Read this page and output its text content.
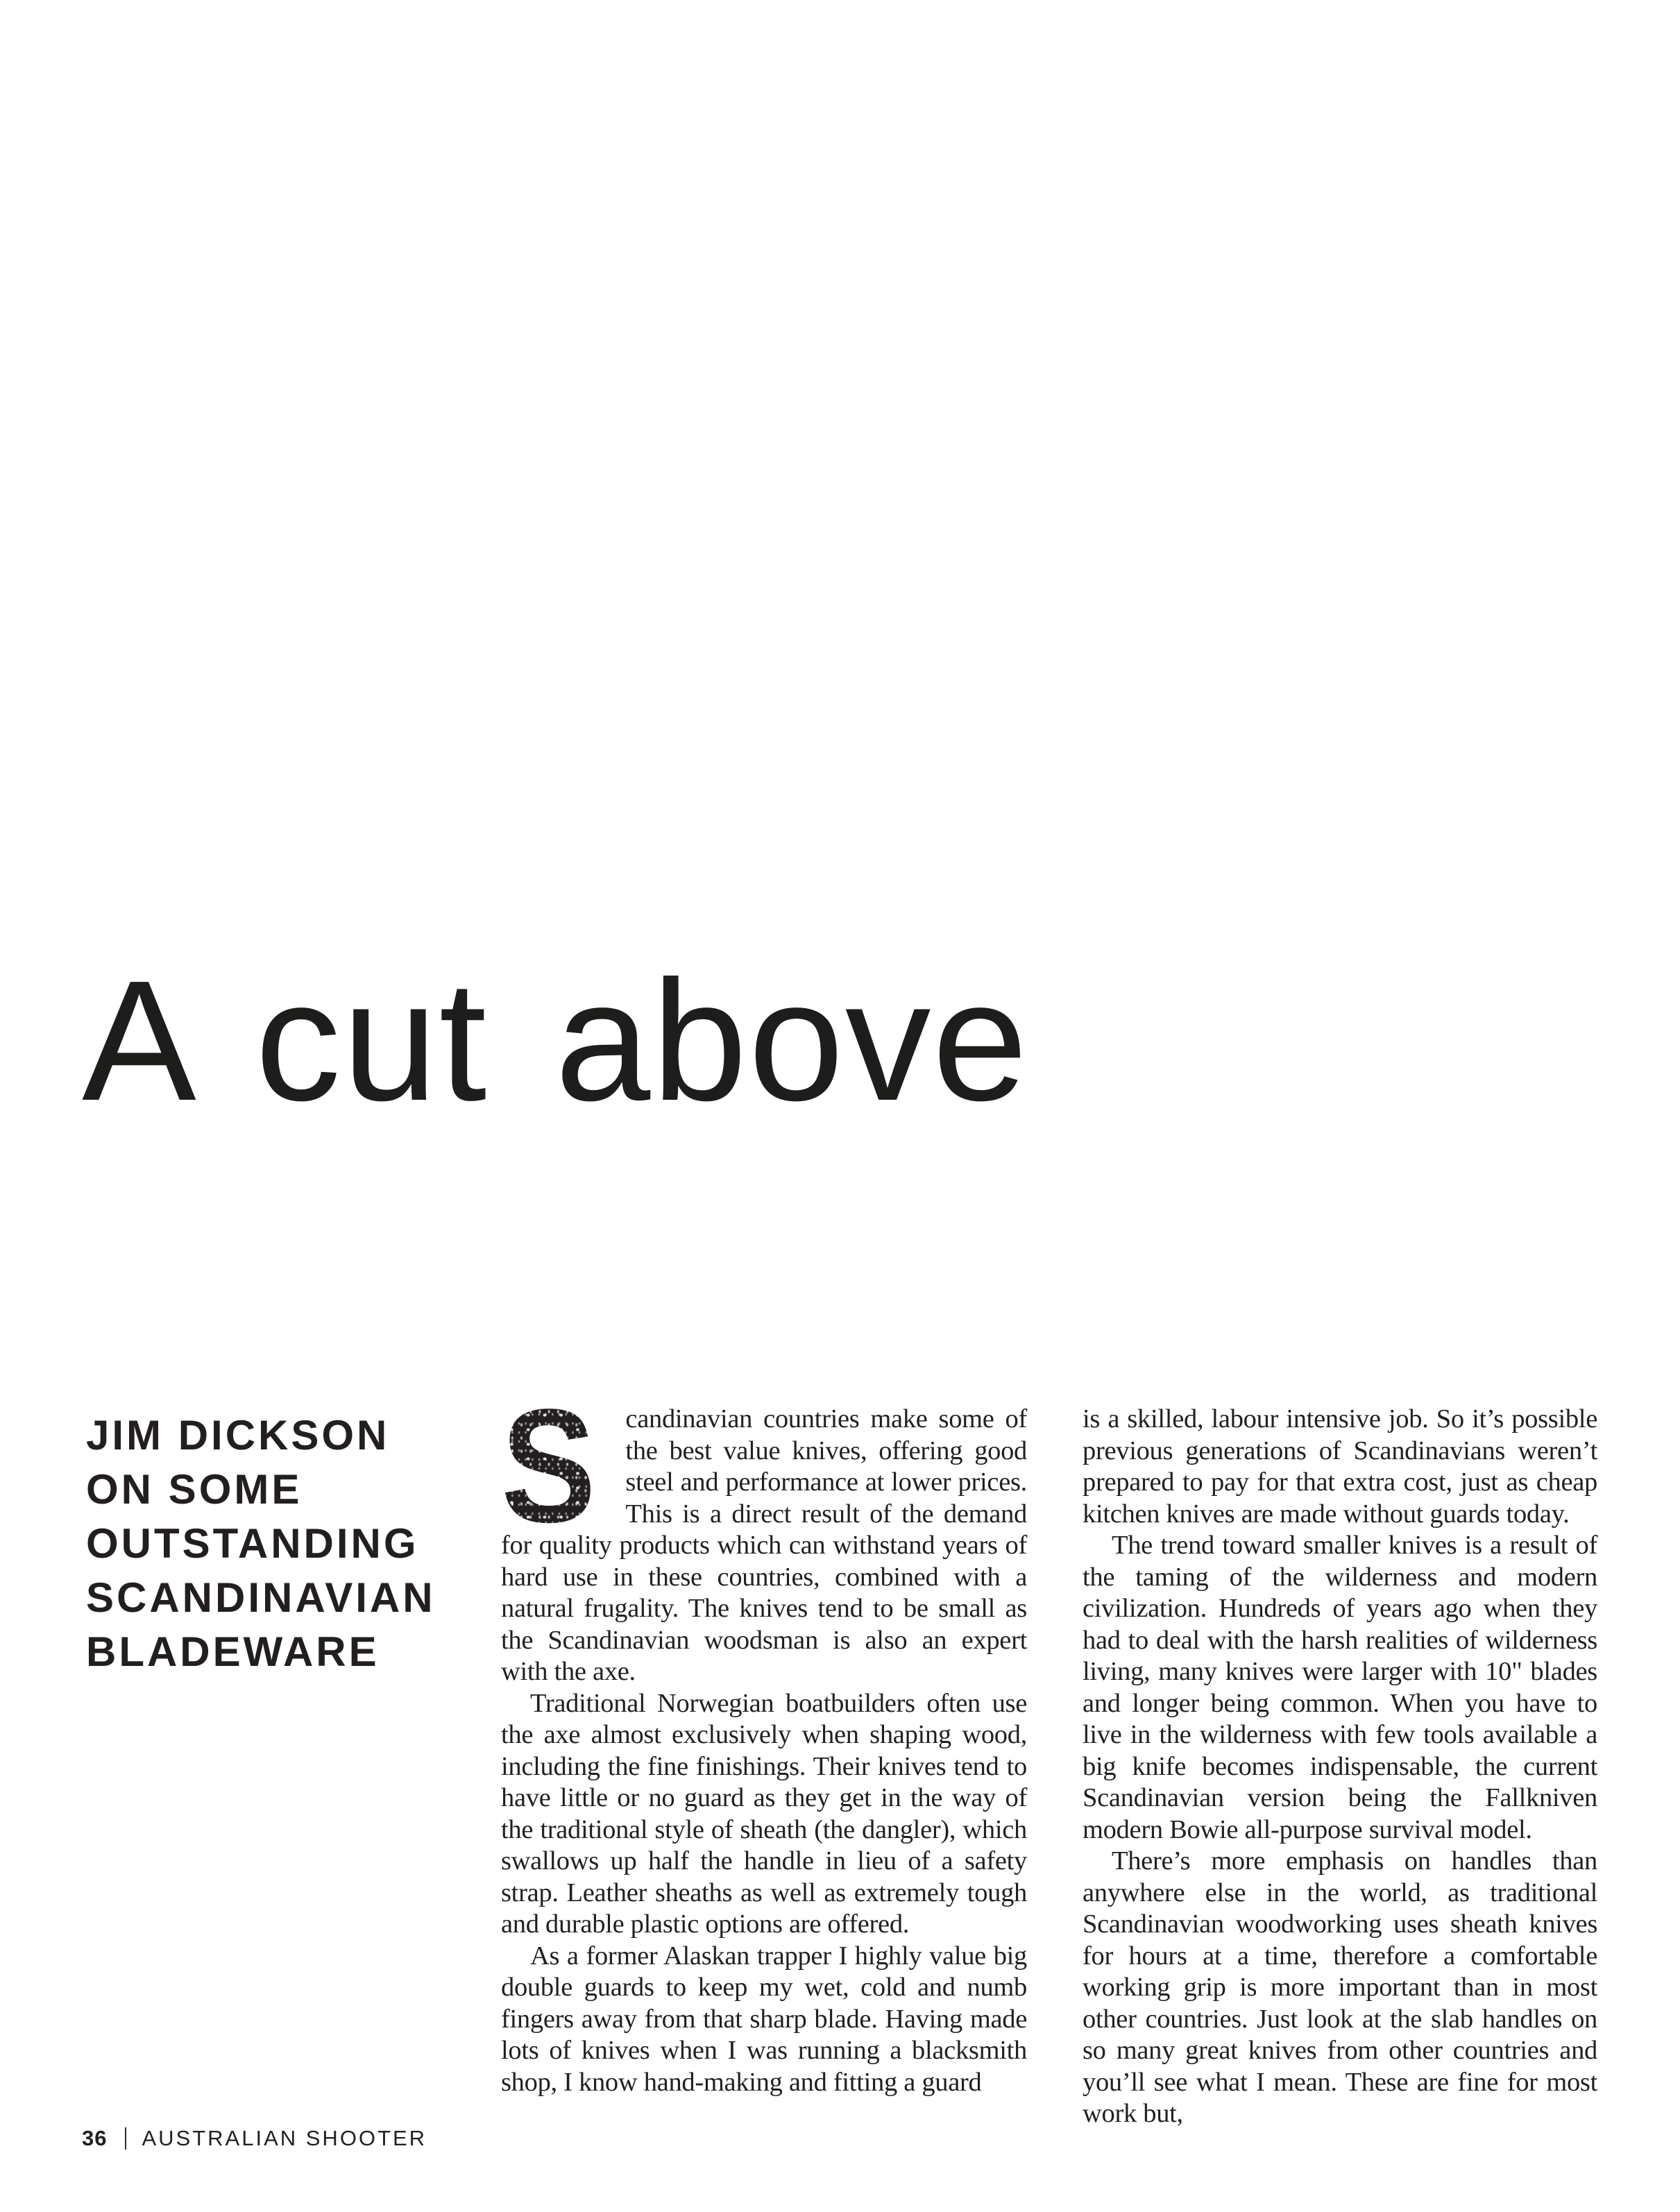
A cut above
JIM DICKSON
ON SOME
OUTSTANDING
SCANDINAVIAN
BLADEWARE

S candinavian countries make some of the best value knives, offering good steel and performance at lower prices. This is a direct result of the demand for quality products which can withstand years of hard use in these countries, combined with a natural frugality. The knives tend to be small as the Scandinavian woodsman is also an expert with the axe.

Traditional Norwegian boatbuilders often use the axe almost exclusively when shaping wood, including the fine finishings. Their knives tend to have little or no guard as they get in the way of the traditional style of sheath (the dangler), which swallows up half the handle in lieu of a safety strap. Leather sheaths as well as extremely tough and durable plastic options are offered.

As a former Alaskan trapper I highly value big double guards to keep my wet, cold and numb fingers away from that sharp blade. Having made lots of knives when I was running a blacksmith shop, I know hand-making and fitting a guard

is a skilled, labour intensive job. So it’s possible previous generations of Scandinavians weren’t prepared to pay for that extra cost, just as cheap kitchen knives are made without guards today.

The trend toward smaller knives is a result of the taming of the wilderness and modern civilization. Hundreds of years ago when they had to deal with the harsh realities of wilderness living, many knives were larger with 10" blades and longer being common. When you have to live in the wilderness with few tools available a big knife becomes indispensable, the current Scandinavian version being the Fallkniven modern Bowie all-purpose survival model.

There’s more emphasis on handles than anywhere else in the world, as traditional Scandinavian woodworking uses sheath knives for hours at a time, therefore a comfortable working grip is more important than in most other countries. Just look at the slab handles on so many great knives from other countries and you’ll see what I mean. These are fine for most work but,

36 AUSTRALIAN SHOOTER
